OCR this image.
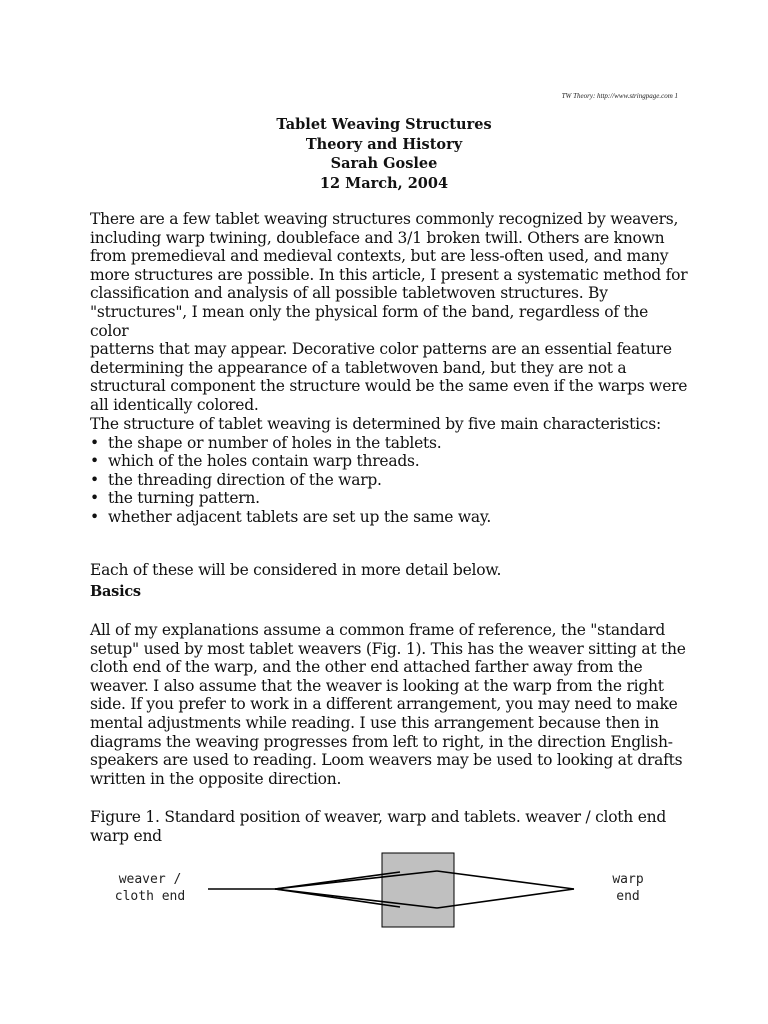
TW Theory: http://www.stringpage.com 1
Tablet Weaving Structures
Theory and History
Sarah Goslee
12 March, 2004
There are a few tablet weaving structures commonly recognized by weavers,
including warp twining, doubleface and 3/1 broken twill. Others are known
from premedieval and medieval contexts, but are less-often used, and many
more structures are possible. In this article, I present a systematic method for
classification and analysis of all possible tabletwoven structures. By
"structures", I mean only the physical form of the band, regardless of the color
patterns that may appear. Decorative color patterns are an essential feature
determining the appearance of a tabletwoven band, but they are not a
structural component the structure would be the same even if the warps were
all identically colored.

The structure of tablet weaving is determined by five main characteristics:

• the shape or number of holes in the tablets.
• which of the holes contain warp threads.
• the threading direction of the warp.
• the turning pattern.
• whether adjacent tablets are set up the same way.

Each of these will be considered in more detail below.

Basics
All of my explanations assume a common frame of reference, the "standard
setup" used by most tablet weavers (Fig. 1). This has the weaver sitting at the
cloth end of the warp, and the other end attached farther away from the
weaver. I also assume that the weaver is looking at the warp from the right
side. If you prefer to work in a different arrangement, you may need to make
mental adjustments while reading. I use this arrangement because then in
diagrams the weaving progresses from left to right, in the direction English-
speakers are used to reading. Loom weavers may be used to looking at drafts
written in the opposite direction.
Figure 1. Standard position of weaver, warp and tablets. weaver / cloth end
warp end
weaver /
cloth end
warp
end
